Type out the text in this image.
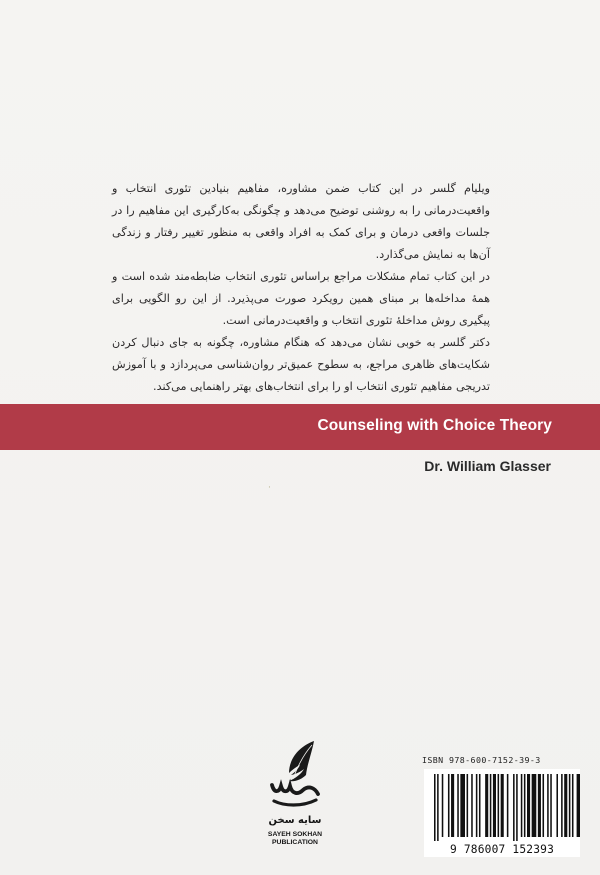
ویلیام گلسر در این کتاب ضمن مشاوره، مفاهیم بنیادین تئوری انتخاب و واقعیت‌درمانی را به روشنی توضیح می‌دهد و چگونگی به‌کارگیری این مفاهیم را در جلسات واقعی درمان و برای کمک به افراد واقعی به منظور تغییر رفتار و زندگی آن‌ها به نمایش می‌گذارد.

در این کتاب تمام مشکلات مراجع براساس تئوری انتخاب ضابطه‌مند شده است و همهٔ مداخله‌ها بر مبنای همین رویکرد صورت می‌پذیرد. از این رو الگویی برای پیگیری روش مداخلهٔ تئوری انتخاب و واقعیت‌درمانی است.

دکتر گلسر به خوبی نشان می‌دهد که هنگام مشاوره، چگونه به جای دنبال کردن شکایت‌های ظاهری مراجع، به سطوح عمیق‌تر روان‌شناسی می‌پردازد و با آموزش تدریجی مفاهیم تئوری انتخاب او را برای انتخاب‌های بهتر راهنمایی می‌کند.

Counseling with Choice Theory
Dr. William Glasser
·
سایه سخن
SAYEH SOKHAN
PUBLICATION
ISBN 978-600-7152-39-3
9 786007 152393
